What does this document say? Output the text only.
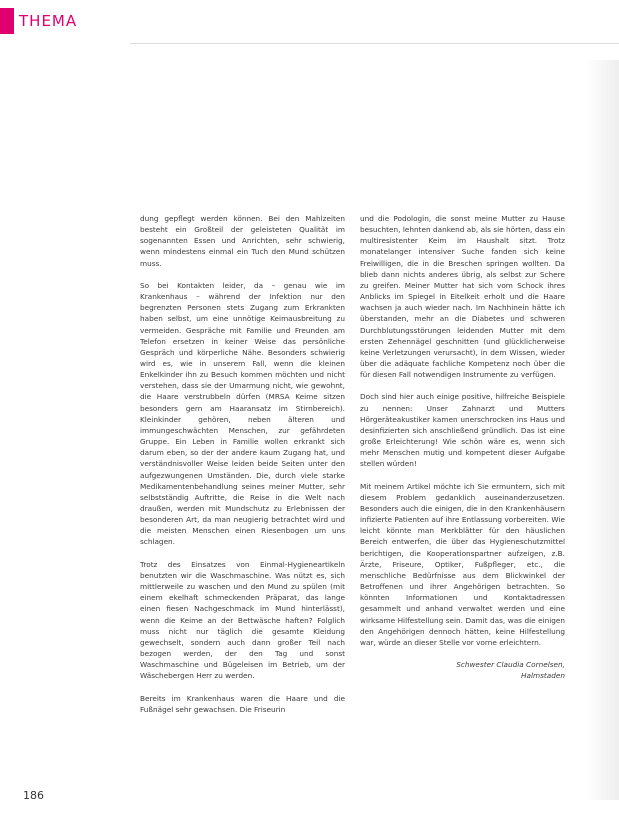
THEMA

dung gepflegt werden können. Bei den Mahlzeiten besteht ein Großteil der geleisteten Qualität im sogenannten Essen und Anrichten, sehr schwierig, wenn mindestens einmal ein Tuch den Mund schützen muss.

So bei Kontakten leider, da – genau wie im Krankenhaus – während der Infektion nur den begrenzten Personen stets Zugang zum Erkrankten haben selbst, um eine unnötige Keimausbreitung zu vermeiden. Gespräche mit Familie und Freunden am Telefon ersetzen in keiner Weise das persönliche Gespräch und körperliche Nähe. Besonders schwierig wird es, wie in unserem Fall, wenn die kleinen Enkelkinder ihn zu Besuch kommen möchten und nicht verstehen, dass sie der Umarmung nicht, wie gewohnt, die Haare verstrubbeln dürfen (MRSA Keime sitzen besonders gern am Haaransatz im Stirnbereich). Kleinkinder gehören, neben älteren und immungeschwächten Menschen, zur gefährdeten Gruppe. Ein Leben in Familie wollen erkrankt sich darum eben, so der der andere kaum Zugang hat, und verständnisvoller Weise leiden beide Seiten unter den aufgezwungenen Umständen. Die, durch viele starke Medikamentenbehandlung seines meiner Mutter, sehr selbstständig Auftritte, die Reise in die Welt nach draußen, werden mit Mundschutz zu Erlebnissen der besonderen Art, da man neugierig betrachtet wird und die meisten Menschen einen Riesenbogen um uns schlagen.

Trotz des Einsatzes von Einmal-Hygieneartikeln benutzten wir die Waschmaschine. Was nützt es, sich mittlerweile zu waschen und den Mund zu spülen (mit einem ekelhaft schmeckenden Präparat, das lange einen fiesen Nachgeschmack im Mund hinterlässt), wenn die Keime an der Bettwäsche haften? Folglich muss nicht nur täglich die gesamte Kleidung gewechselt, sondern auch dann großer Teil nach bezogen werden, der den Tag und sonst Waschmaschine und Bügeleisen im Betrieb, um der Wäschebergen Herr zu werden.

Bereits im Krankenhaus waren die Haare und die Fußnägel sehr gewachsen. Die Friseurin

und die Podologin, die sonst meine Mutter zu Hause besuchten, lehnten dankend ab, als sie hörten, dass ein multiresistenter Keim im Haushalt sitzt. Trotz monatelanger intensiver Suche fanden sich keine Freiwilligen, die in die Breschen springen wollten. Da blieb dann nichts anderes übrig, als selbst zur Schere zu greifen. Meiner Mutter hat sich vom Schock ihres Anblicks im Spiegel in Eitelkeit erholt und die Haare wachsen ja auch wieder nach. Im Nachhinein hätte ich überstanden, mehr an die Diabetes und schweren Durchblutungsstörungen leidenden Mutter mit dem ersten Zehennägel geschnitten (und glücklicherweise keine Verletzungen verursacht), in dem Wissen, wieder über die adäquate fachliche Kompetenz noch über die für diesen Fall notwendigen Instrumente zu verfügen.

Doch sind hier auch einige positive, hilfreiche Beispiele zu nennen: Unser Zahnarzt und Mutters Hörgeräteakustiker kamen unerschrocken ins Haus und desinfizierten sich anschließend gründlich. Das ist eine große Erleichterung! Wie schön wäre es, wenn sich mehr Menschen mutig und kompetent dieser Aufgabe stellen würden!

Mit meinem Artikel möchte ich Sie ermuntern, sich mit diesem Problem gedanklich auseinanderzusetzen. Besonders auch die einigen, die in den Krankenhäusern infizierte Patienten auf ihre Entlassung vorbereiten. Wie leicht könnte man Merkblätter für den häuslichen Bereich entwerfen, die über das Hygieneschutzmittel berichtigen, die Kooperationspartner aufzeigen, z.B. Ärzte, Friseure, Optiker, Fußpfleger, etc., die menschliche Bedürfnisse aus dem Blickwinkel der Betroffenen und ihrer Angehörigen betrachten. So könnten Informationen und Kontaktadressen gesammelt und anhand verwaltet werden und eine wirksame Hilfestellung sein. Damit das, was die einigen den Angehörigen dennoch hätten, keine Hilfestellung war, würde an dieser Stelle vor vorne erleichtern.

Schwester Claudia Cornelsen,
Halmstaden
186
